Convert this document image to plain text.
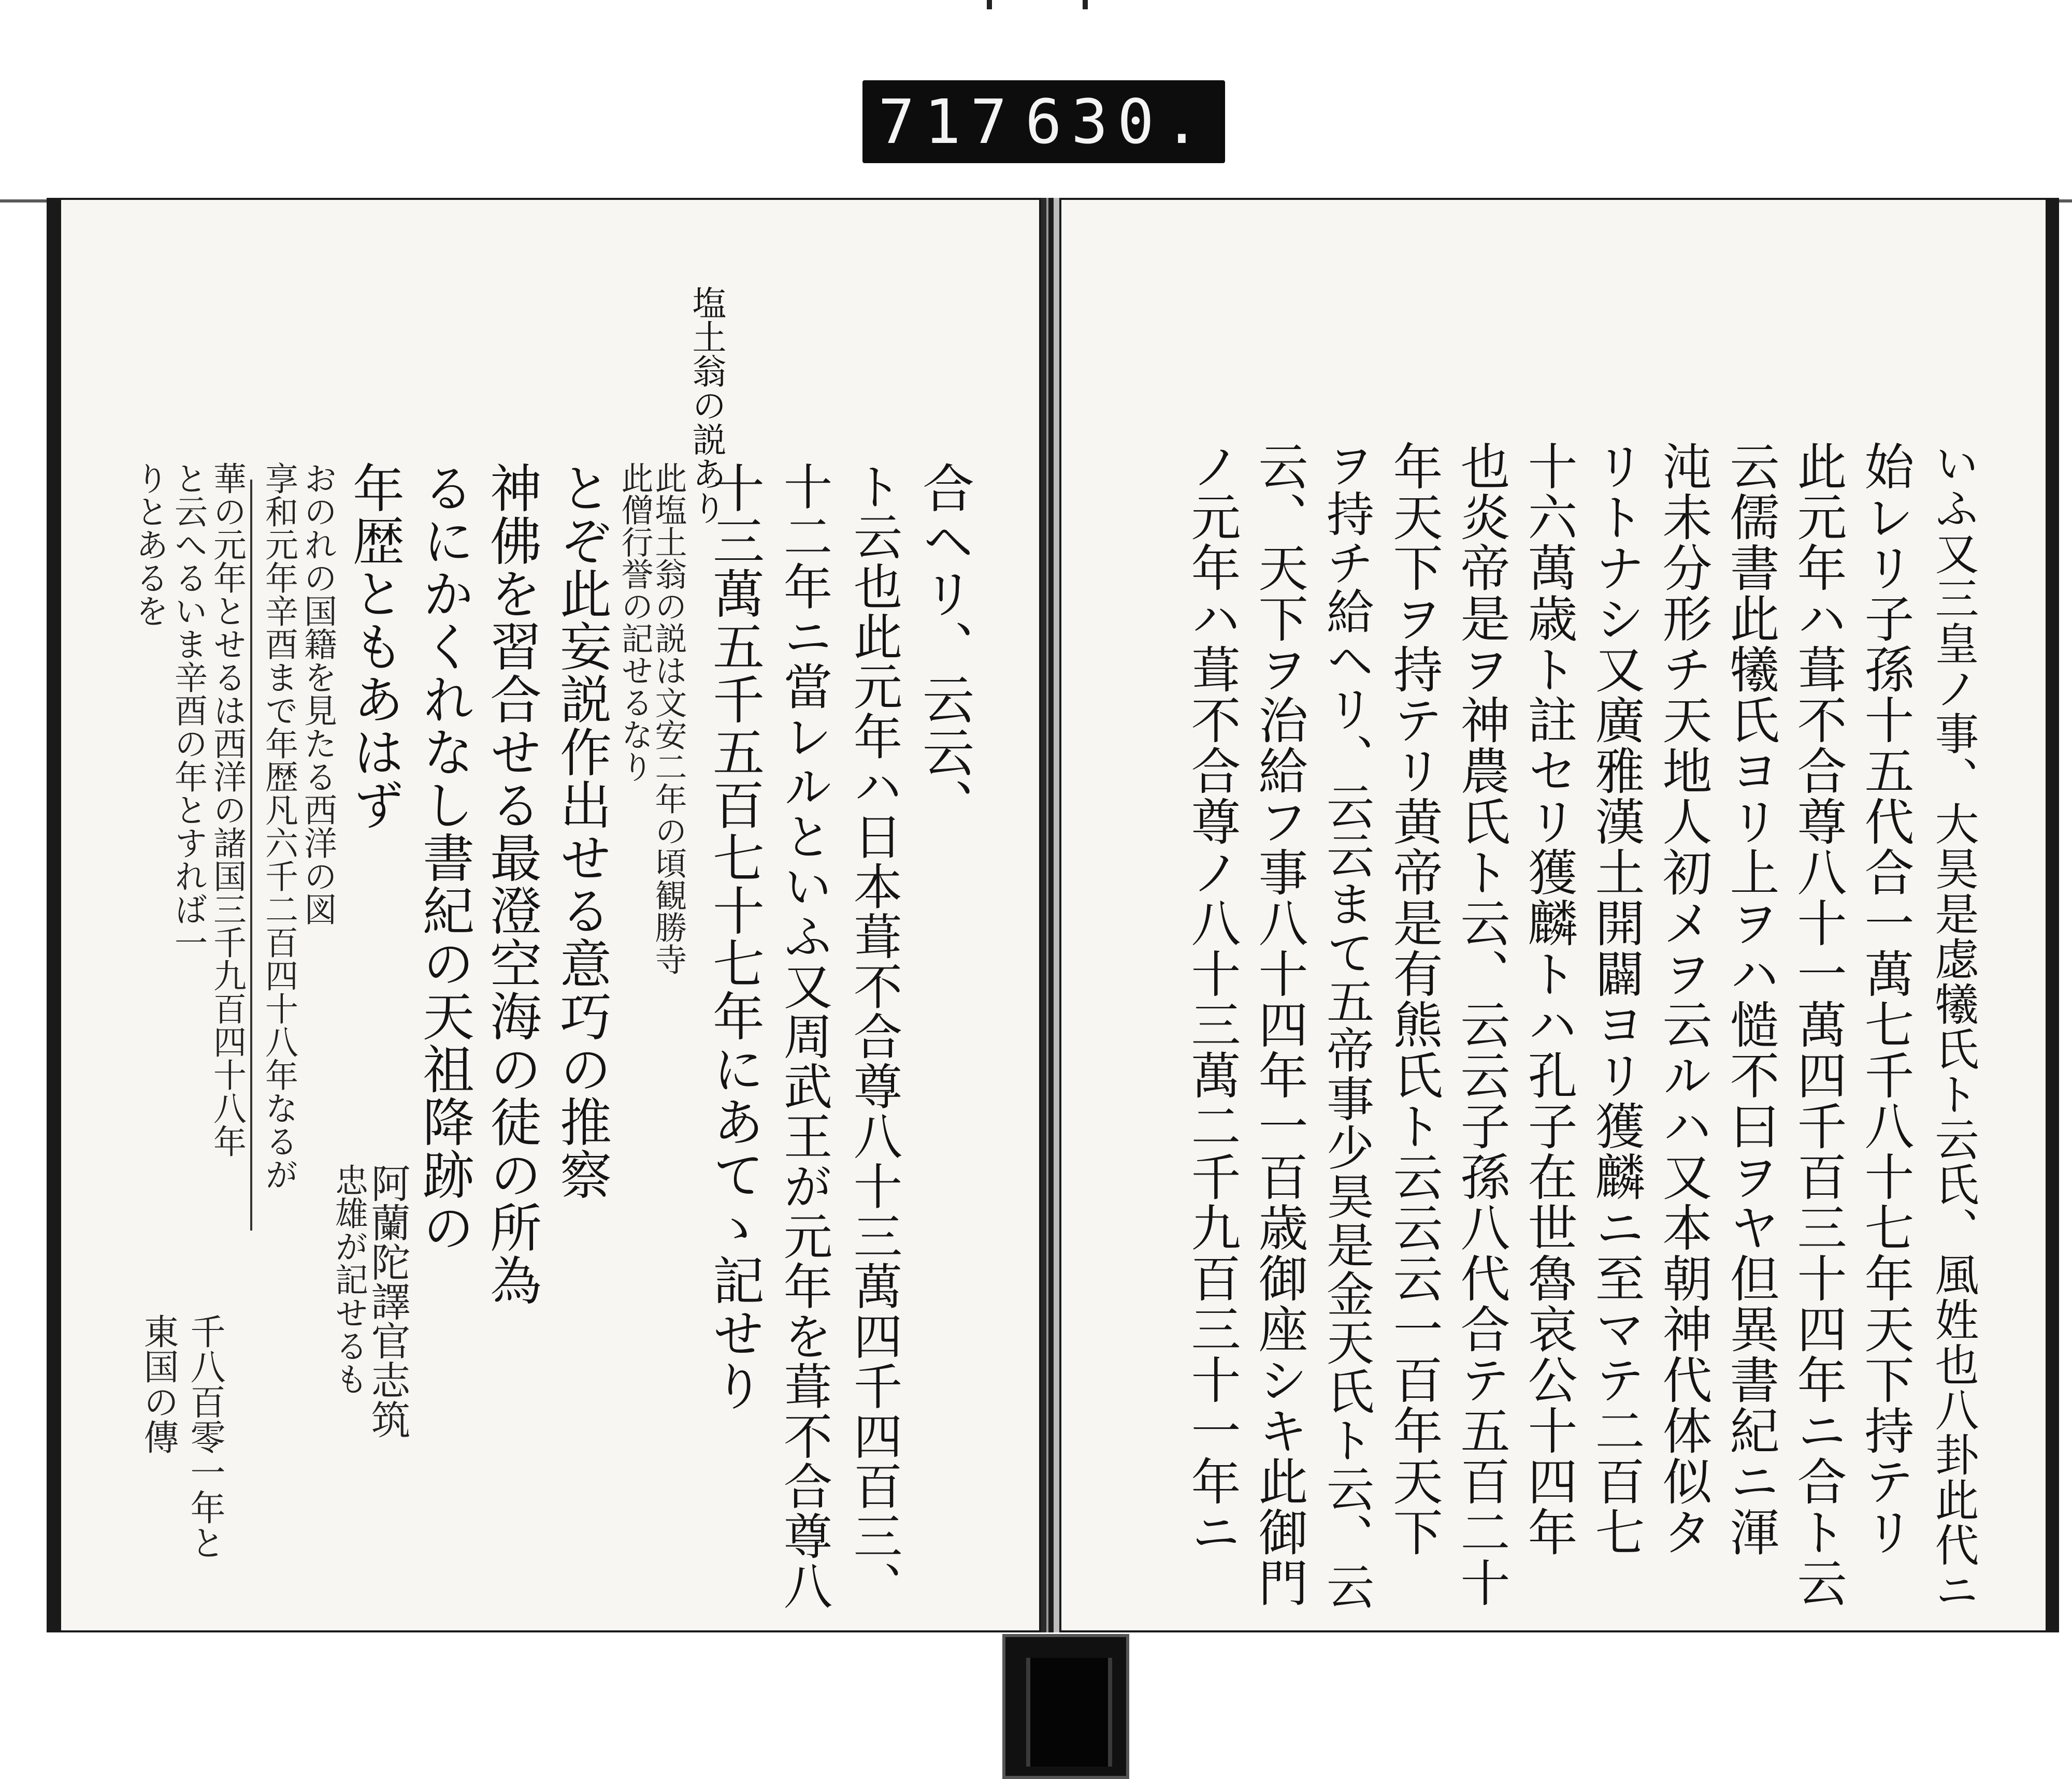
717 630.
塩土翁の説あり
合ヘリ、云云、
ト云也此元年ハ日本葺不合尊八十三萬四千四百三、
十二年ニ當レルといふ又周武王が元年を葺不合尊八
十三萬五千五百七十七年にあてゝ記せり
此塩土翁の説は文安二年の頃観勝寺
此僧行誉の記せるなり
とぞ此妄説作出せる意巧の推察
神佛を習合せる最澄空海の徒の所為
るにかくれなし書紀の天祖降跡の
年歴ともあはず
おのれの国籍を見たる西洋の図
享和元年辛酉まで年歴凡六千二百四十八年なるが
華の元年とせるは西洋の諸国三千九百四十八年
と云へるいま辛酉の年とすれば一
りとあるを
阿蘭陀譯官志筑
忠雄が記せるも
千八百零一年と
東国の傳	いふ又三皇ノ事、大昊是虙犧氏ト云氏、風姓也八卦此代ニ
始レリ子孫十五代合一萬七千八十七年天下持テリ
此元年ハ葺不合尊八十一萬四千百三十四年ニ合ト云
云儒書此犧氏ヨリ上ヲハ慥不曰ヲヤ但異書紀ニ渾
沌未分形チ天地人初メヲ云ルハ又本朝神代体似タ
リトナシ又廣雅漢土開闢ヨリ獲麟ニ至マテ二百七
十六萬歳ト註セリ獲麟トハ孔子在世魯哀公十四年
也炎帝是ヲ神農氏ト云、云云子孫八代合テ五百二十
年天下ヲ持テリ黄帝是有熊氏ト云云云一百年天下
ヲ持チ給ヘリ、云云まて五帝事少昊是金天氏ト云、云
云、天下ヲ治給フ事八十四年一百歳御座シキ此御門
ノ元年ハ葺不合尊ノ八十三萬二千九百三十一年ニ
